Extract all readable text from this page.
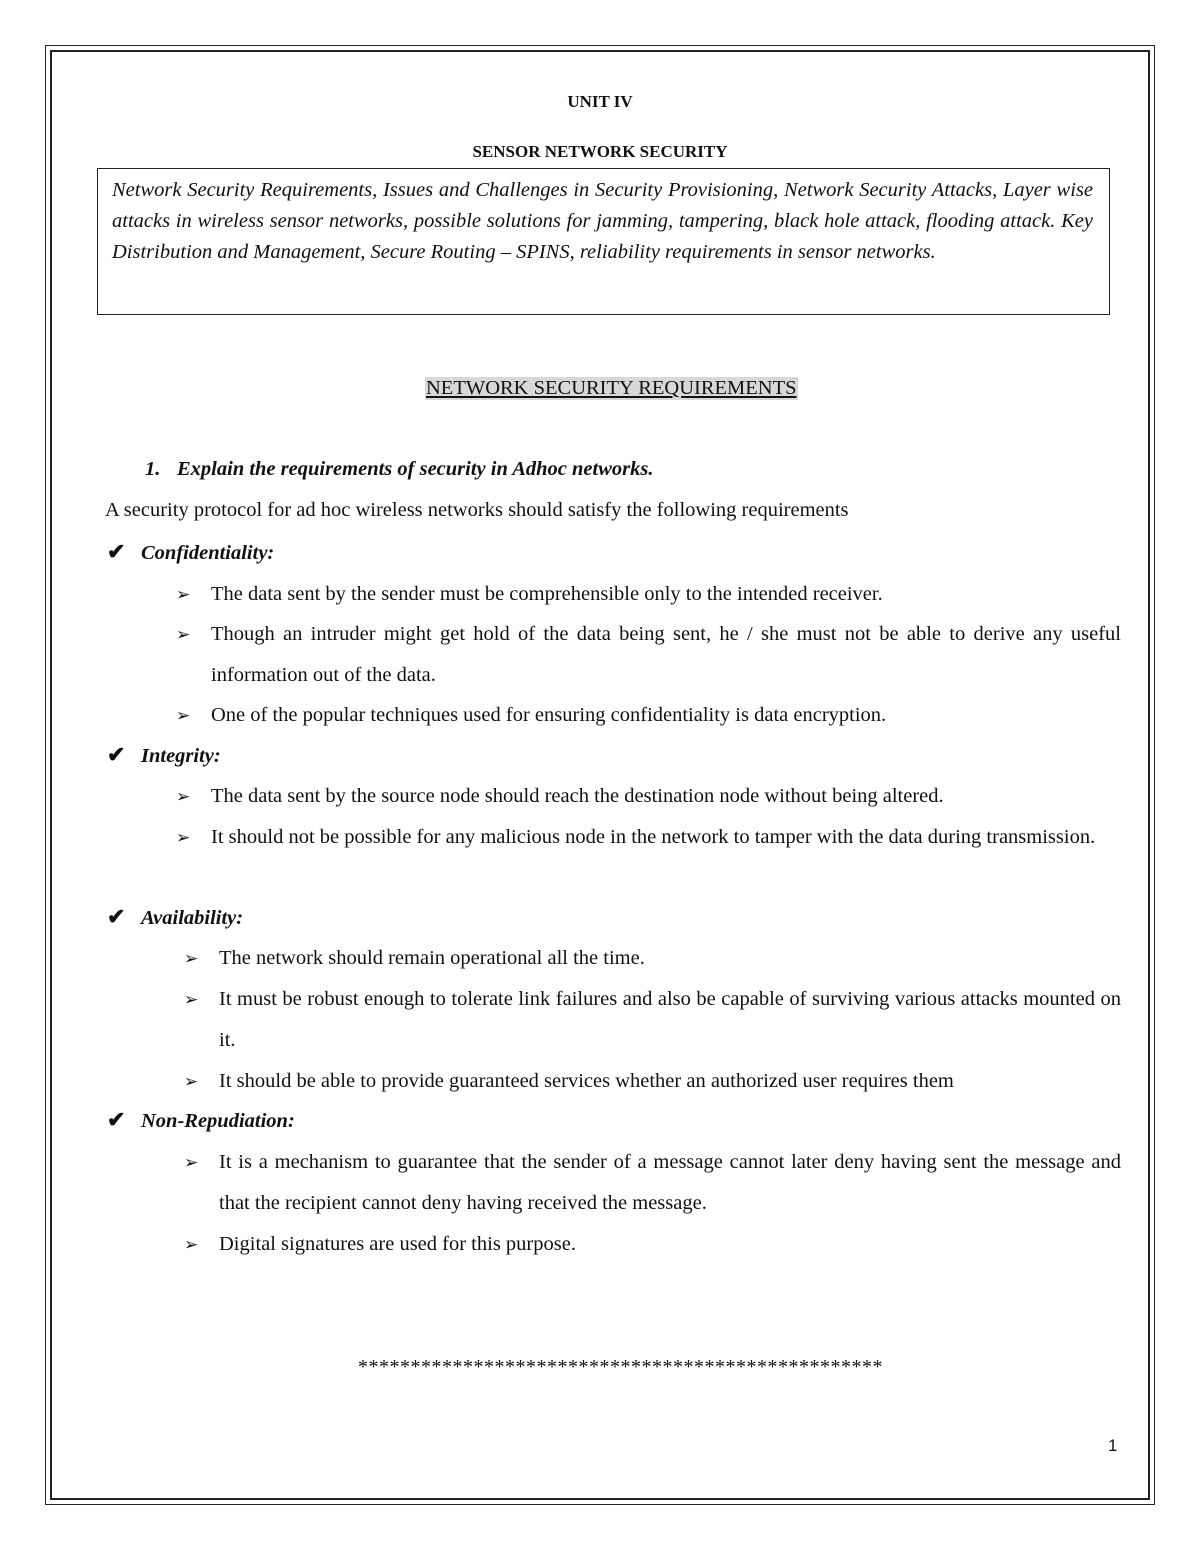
UNIT IV
SENSOR NETWORK SECURITY
Network Security Requirements, Issues and Challenges in Security Provisioning, Network Security Attacks, Layer wise attacks in wireless sensor networks, possible solutions for jamming, tampering, black hole attack, flooding attack. Key Distribution and Management, Secure Routing – SPINS, reliability requirements in sensor networks.
NETWORK SECURITY REQUIREMENTS
1. Explain the requirements of security in Adhoc networks.
A security protocol for ad hoc wireless networks should satisfy the following requirements
✔ Confidentiality:
➢ The data sent by the sender must be comprehensible only to the intended receiver.
➢ Though an intruder might get hold of the data being sent, he / she must not be able to derive any useful information out of the data.
➢ One of the popular techniques used for ensuring confidentiality is data encryption.
✔ Integrity:
➢ The data sent by the source node should reach the destination node without being altered.
➢ It should not be possible for any malicious node in the network to tamper with the data during transmission.
✔ Availability:
➢ The network should remain operational all the time.
➢ It must be robust enough to tolerate link failures and also be capable of surviving various attacks mounted on it.
➢ It should be able to provide guaranteed services whether an authorized user requires them
✔ Non-Repudiation:
➢ It is a mechanism to guarantee that the sender of a message cannot later deny having sent the message and that the recipient cannot deny having received the message.
➢ Digital signatures are used for this purpose.
**************************************************
1
